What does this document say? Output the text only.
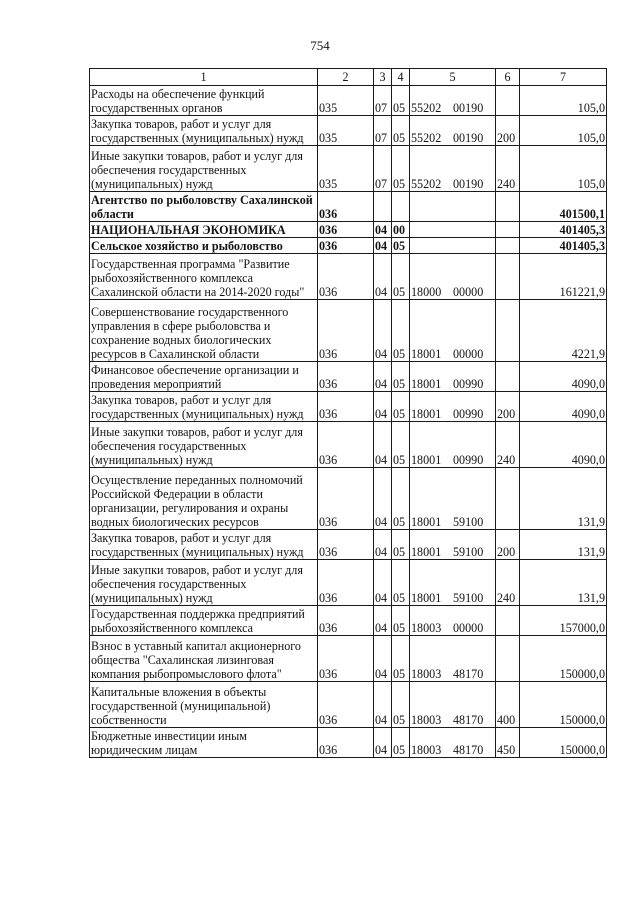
754
1	2	3	4	5	6	7
Расходы на обеспечение функций государственных органов	035	07	05	55202 00190		105,0
Закупка товаров, работ и услуг для государственных (муниципальных) нужд	035	07	05	55202 00190	200	105,0
Иные закупки товаров, работ и услуг для обеспечения государственных (муниципальных) нужд	035	07	05	55202 00190	240	105,0
Агентство по рыболовству Сахалинской области	036					401500,1
НАЦИОНАЛЬНАЯ ЭКОНОМИКА	036	04	00			401405,3
Сельское хозяйство и рыболовство	036	04	05			401405,3
Государственная программа "Развитие рыбохозяйственного комплекса Сахалинской области на 2014-2020 годы"	036	04	05	18000 00000		161221,9
Совершенствование государственного управления в сфере рыболовства и сохранение водных биологических ресурсов в Сахалинской области	036	04	05	18001 00000		4221,9
Финансовое обеспечение организации и проведения мероприятий	036	04	05	18001 00990		4090,0
Закупка товаров, работ и услуг для государственных (муниципальных) нужд	036	04	05	18001 00990	200	4090,0
Иные закупки товаров, работ и услуг для обеспечения государственных (муниципальных) нужд	036	04	05	18001 00990	240	4090,0
Осуществление переданных полномочий Российской Федерации в области организации, регулирования и охраны водных биологических ресурсов	036	04	05	18001 59100		131,9
Закупка товаров, работ и услуг для государственных (муниципальных) нужд	036	04	05	18001 59100	200	131,9
Иные закупки товаров, работ и услуг для обеспечения государственных (муниципальных) нужд	036	04	05	18001 59100	240	131,9
Государственная поддержка предприятий рыбохозяйственного комплекса	036	04	05	18003 00000		157000,0
Взнос в уставный капитал акционерного общества "Сахалинская лизинговая компания рыбопромыслового флота"	036	04	05	18003 48170		150000,0
Капитальные вложения в объекты государственной (муниципальной) собственности	036	04	05	18003 48170	400	150000,0
Бюджетные инвестиции иным юридическим лицам	036	04	05	18003 48170	450	150000,0
